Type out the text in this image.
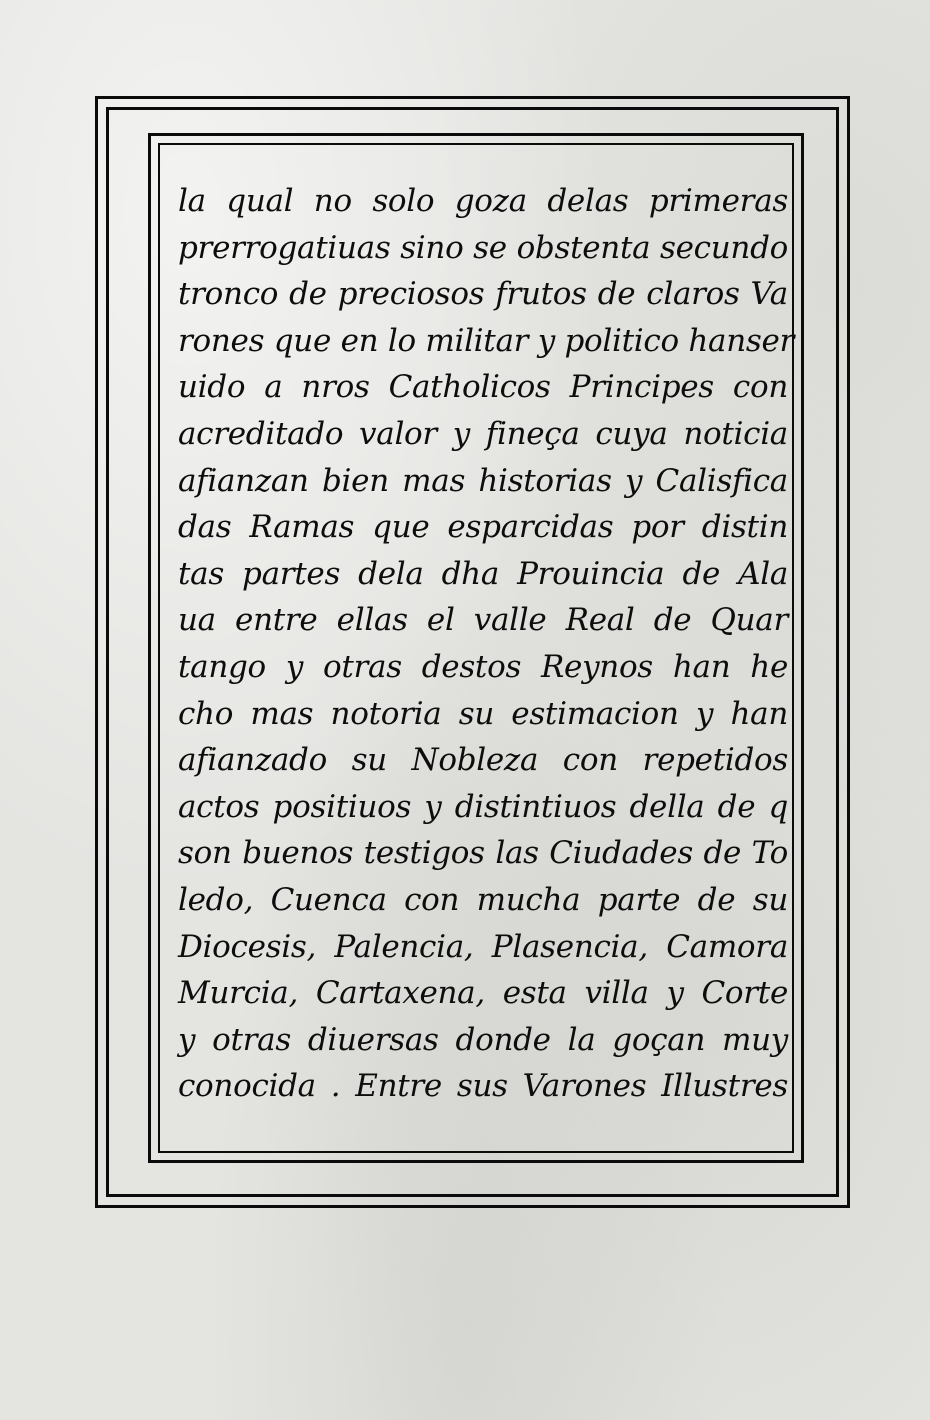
la qual no solo goza delas primeras
prerrogatiuas sino se obstenta secundo
tronco de preciosos frutos de claros Va
rones que en lo militar y politico hanser
uido a nros Catholicos Principes con
acreditado valor y fineça cuya noticia
afianzan bien mas historias y Calisfica
das Ramas que esparcidas por distin
tas partes dela dha Prouincia de Ala
ua entre ellas el valle Real de Quar
tango y otras destos Reynos han he
cho mas notoria su estimacion y han
afianzado su Nobleza con repetidos
actos positiuos y distintiuos della de q
son buenos testigos las Ciudades de To
ledo, Cuenca con mucha parte de su
Diocesis, Palencia, Plasencia, Camora
Murcia, Cartaxena, esta villa y Corte
y otras diuersas donde la goçan muy
conocida . Entre sus Varones Illustres
